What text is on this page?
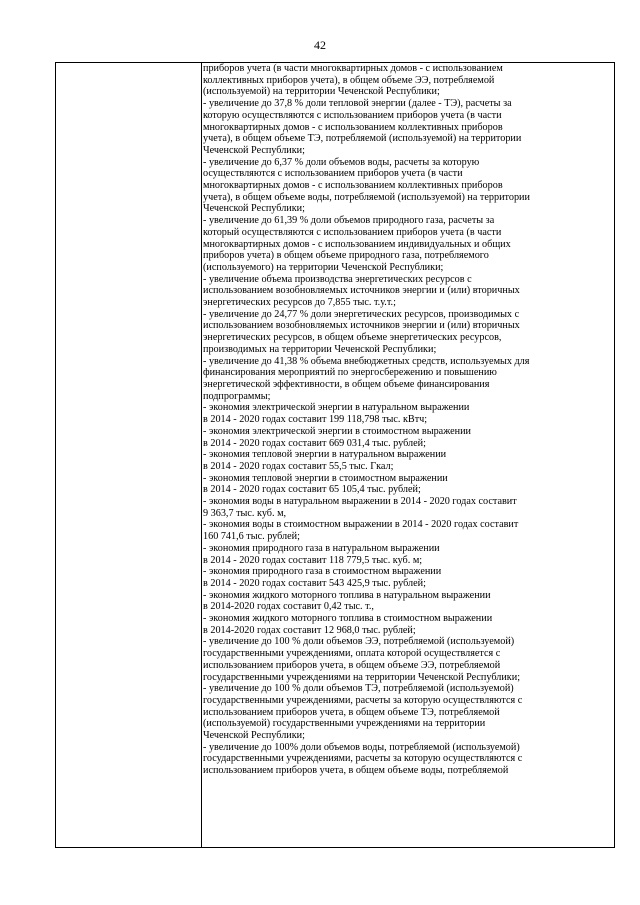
42
приборов учета (в части многоквартирных домов - с использованием
коллективных приборов учета), в общем объеме ЭЭ, потребляемой
(используемой) на территории Чеченской Республики;
- увеличение до 37,8 % доли тепловой энергии (далее - ТЭ), расчеты за
которую осуществляются с использованием приборов учета (в части
многоквартирных домов - с использованием коллективных приборов
учета), в общем объеме ТЭ, потребляемой (используемой) на территории
Чеченской Республики;
- увеличение до 6,37 % доли объемов воды, расчеты за которую
осуществляются с использованием приборов учета (в части
многоквартирных домов - с использованием коллективных приборов
учета), в общем объеме воды, потребляемой (используемой) на территории
Чеченской Республики;
- увеличение до 61,39 % доли объемов природного газа, расчеты за
который осуществляются с использованием приборов учета (в части
многоквартирных домов - с использованием индивидуальных и общих
приборов учета) в общем объеме природного газа, потребляемого
(используемого) на территории Чеченской Республики;
- увеличение объема производства энергетических ресурсов с
использованием возобновляемых источников энергии и (или) вторичных
энергетических ресурсов до 7,855 тыс. т.у.т.;
- увеличение до 24,77 % доли энергетических ресурсов, производимых с
использованием возобновляемых источников энергии и (или) вторичных
энергетических ресурсов, в общем объеме энергетических ресурсов,
производимых на территории Чеченской Республики;
- увеличение до 41,38 % объема внебюджетных средств, используемых для
финансирования мероприятий по энергосбережению и повышению
энергетической эффективности, в общем объеме финансирования
подпрограммы;
- экономия электрической энергии в натуральном выражении
в 2014 - 2020 годах составит 199 118,798 тыс. кВтч;
- экономия электрической энергии в стоимостном выражении
в 2014 - 2020 годах составит 669 031,4 тыс. рублей;
- экономия тепловой энергии в натуральном выражении
в 2014 - 2020 годах составит 55,5 тыс. Гкал;
- экономия тепловой энергии в стоимостном выражении
в 2014 - 2020 годах составит 65 105,4 тыс. рублей;
- экономия воды в натуральном выражении в 2014 - 2020 годах составит
9 363,7 тыс. куб. м,
- экономия воды в стоимостном выражении в 2014 - 2020 годах составит
160 741,6 тыс. рублей;
- экономия природного газа в натуральном выражении
в 2014 - 2020 годах составит 118 779,5 тыс. куб. м;
- экономия природного газа в стоимостном выражении
в 2014 - 2020 годах составит 543 425,9 тыс. рублей;
- экономия жидкого моторного топлива в натуральном выражении
в 2014-2020 годах составит 0,42 тыс. т.,
- экономия жидкого моторного топлива в стоимостном выражении
в 2014-2020 годах составит 12 968,0 тыс. рублей;
- увеличение до 100 % доли объемов ЭЭ, потребляемой (используемой)
государственными учреждениями, оплата которой осуществляется с
использованием приборов учета, в общем объеме ЭЭ, потребляемой
государственными учреждениями на территории Чеченской Республики;
- увеличение до 100 % доли объемов ТЭ, потребляемой (используемой)
государственными учреждениями, расчеты за которую осуществляются с
использованием приборов учета, в общем объеме ТЭ, потребляемой
(используемой) государственными учреждениями на территории
Чеченской Республики;
- увеличение до 100% доли объемов воды, потребляемой (используемой)
государственными учреждениями, расчеты за которую осуществляются с
использованием приборов учета, в общем объеме воды, потребляемой
